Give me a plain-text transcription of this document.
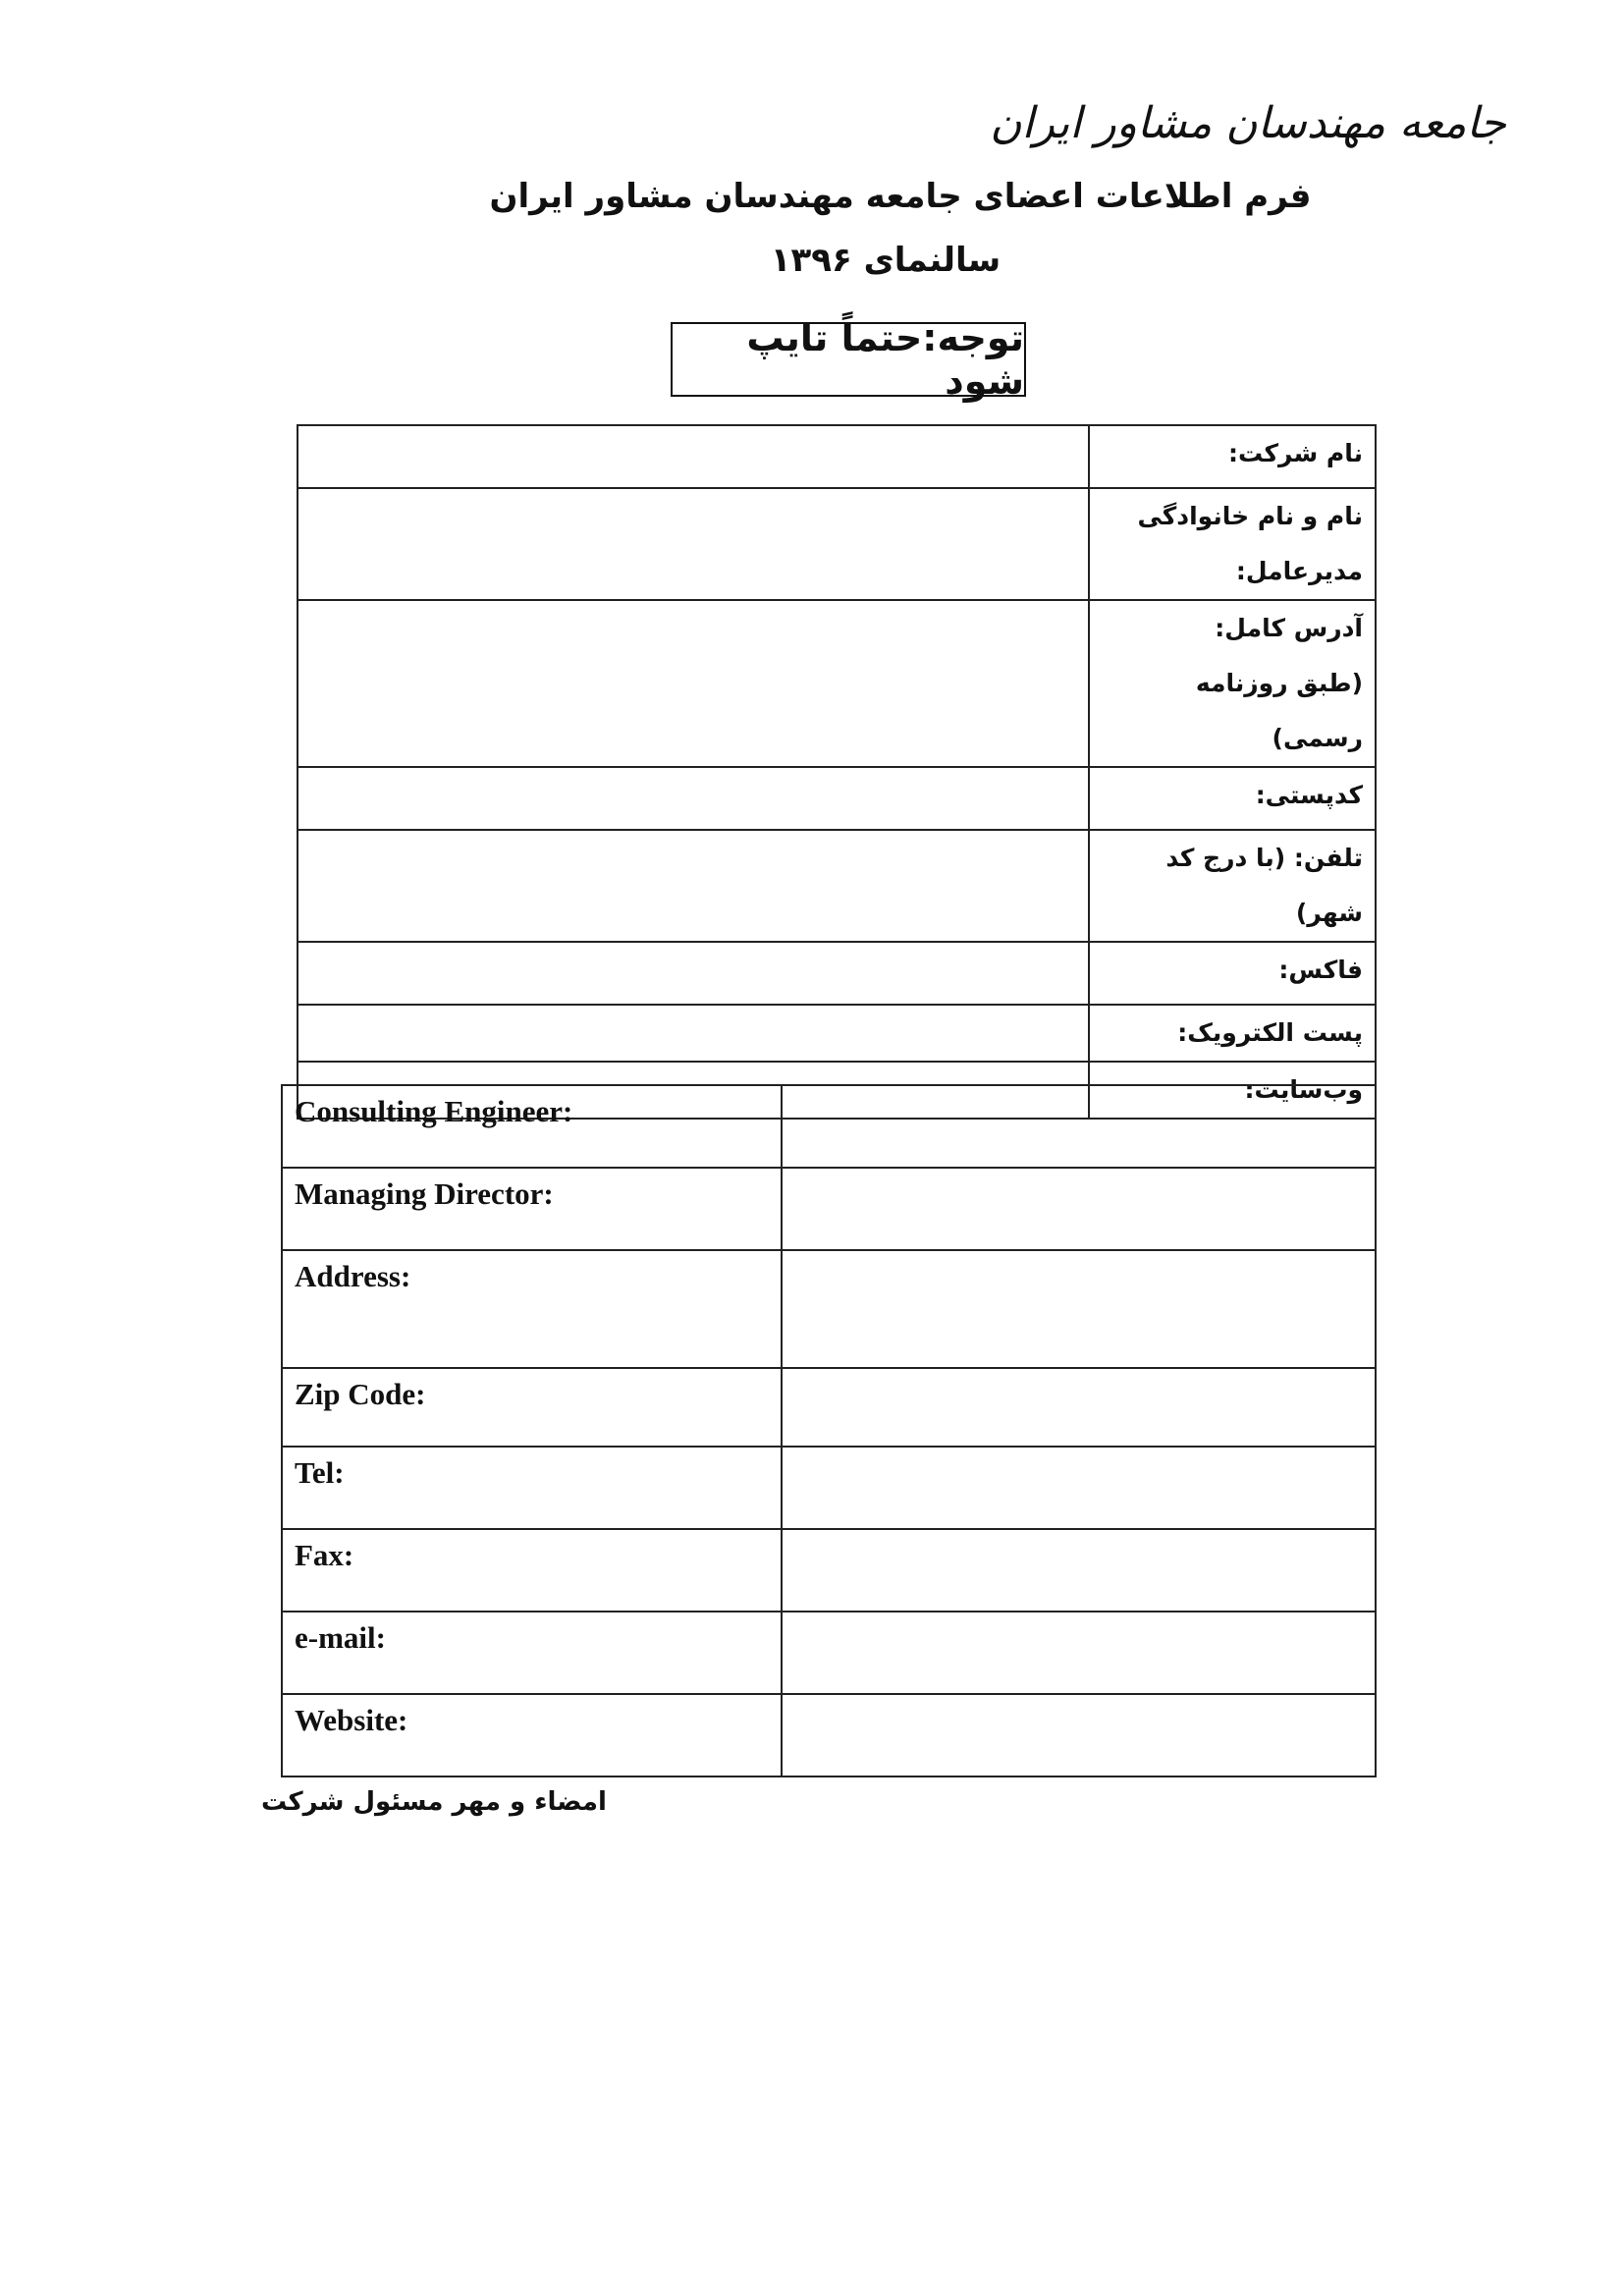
جامعه مهندسان مشاور ایران
فرم اطلاعات اعضای جامعه مهندسان مشاور ایران
سالنمای ۱۳۹۶
توجه:حتماً تایپ شود
نام شرکت:	

نام و نام خانوادگی
مدیرعامل:	

آدرس کامل:
(طبق روزنامه رسمی)	

کدپستی:	
تلفن: (با درج کد شهر)	
فاکس:	
پست الکترویک:	
وب‌سایت:	
Consulting Engineer:	
Managing Director:	
Address:	
Zip Code:	
Tel:	
Fax:	
e-mail:	
Website:	
امضاء و مهر مسئول شرکت
